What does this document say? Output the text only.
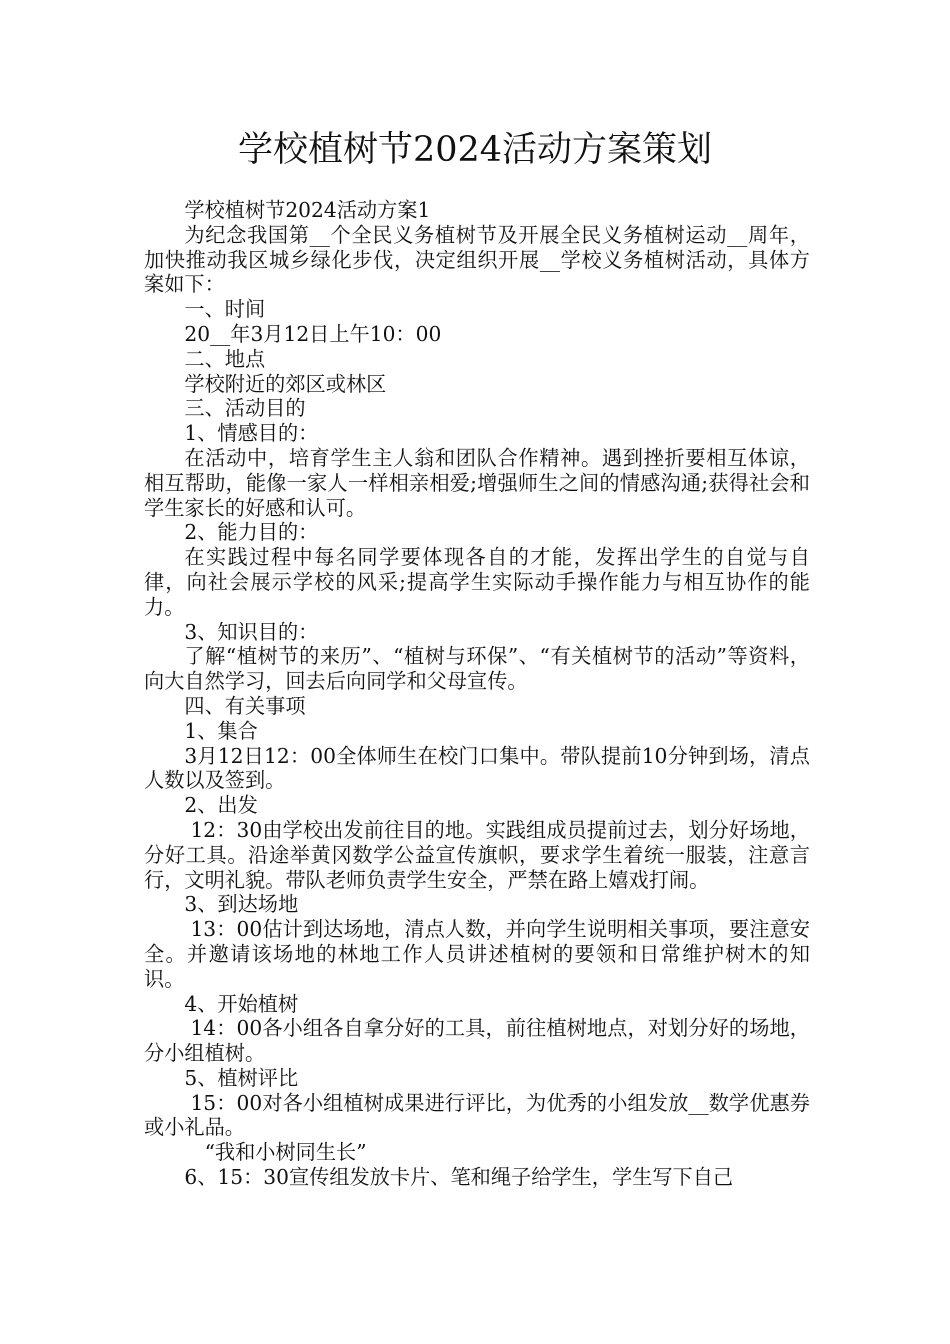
学校植树节2024活动方案策划

学校植树节2024活动方案1

为纪念我国第__个全民义务植树节及开展全民义务植树运动__周年，加快推动我区城乡绿化步伐，决定组织开展__学校义务植树活动，具体方案如下：

一、时间

20__年3月12日上午10：00

二、地点

学校附近的郊区或林区

三、活动目的

1、情感目的：

在活动中，培育学生主人翁和团队合作精神。遇到挫折要相互体谅，相互帮助，能像一家人一样相亲相爱;增强师生之间的情感沟通;获得社会和学生家长的好感和认可。

2、能力目的：

在实践过程中每名同学要体现各自的才能，发挥出学生的自觉与自律，向社会展示学校的风采;提高学生实际动手操作能力与相互协作的能力。

3、知识目的：

了解“植树节的来历”、“植树与环保”、“有关植树节的活动”等资料，向大自然学习，回去后向同学和父母宣传。

四、有关事项

1、集合

3月12日12：00全体师生在校门口集中。带队提前10分钟到场，清点人数以及签到。

2、出发

12：30由学校出发前往目的地。实践组成员提前过去，划分好场地，分好工具。沿途举黄冈数学公益宣传旗帜，要求学生着统一服装，注意言行，文明礼貌。带队老师负责学生安全，严禁在路上嬉戏打闹。

3、到达场地

13：00估计到达场地，清点人数，并向学生说明相关事项，要注意安全。并邀请该场地的林地工作人员讲述植树的要领和日常维护树木的知识。

4、开始植树

14：00各小组各自拿分好的工具，前往植树地点，对划分好的场地，分小组植树。

5、植树评比

15：00对各小组植树成果进行评比，为优秀的小组发放__数学优惠券或小礼品。

“我和小树同生长”

6、15：30宣传组发放卡片、笔和绳子给学生，学生写下自己
